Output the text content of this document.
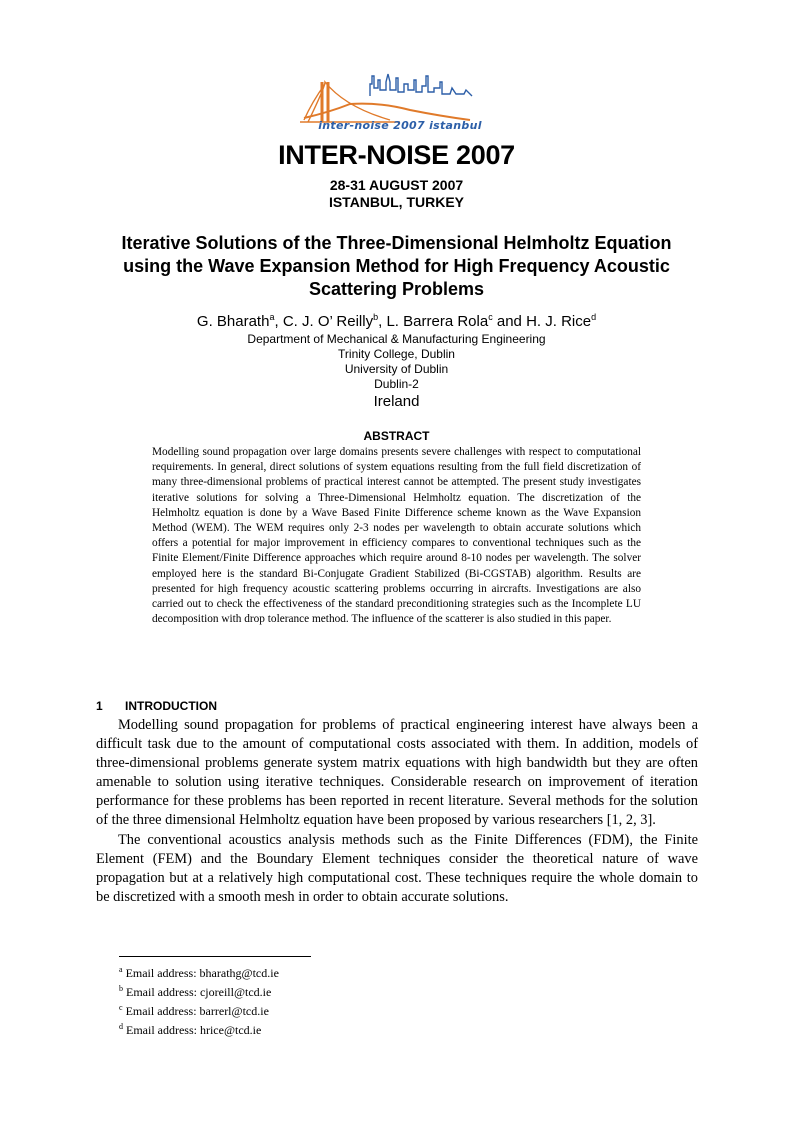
inter-noise 2007 istanbul
INTER-NOISE 2007
28-31 AUGUST 2007
ISTANBUL, TURKEY
Iterative Solutions of the Three-Dimensional Helmholtz Equation
using the Wave Expansion Method for High Frequency Acoustic
Scattering Problems
G. Bharath$^a$, C. J. O’ Reilly$^b$, L. Barrera Rola$^c$ and H. J. Rice$^d$
Department of Mechanical & Manufacturing Engineering
Trinity College, Dublin
University of Dublin
Dublin-2
Ireland
ABSTRACT
Modelling sound propagation over large domains presents severe challenges with respect to computational requirements. In general, direct solutions of system equations resulting from the full field discretization of many three-dimensional problems of practical interest cannot be attempted. The present study investigates iterative solutions for solving a Three-Dimensional Helmholtz equation. The discretization of the Helmholtz equation is done by a Wave Based Finite Difference scheme known as the Wave Expansion Method (WEM). The WEM requires only 2-3 nodes per wavelength to obtain accurate solutions which offers a potential for major improvement in efficiency compares to conventional techniques such as the Finite Element/Finite Difference approaches which require around 8-10 nodes per wavelength. The solver employed here is the standard Bi-Conjugate Gradient Stabilized (Bi-CGSTAB) algorithm. Results are presented for high frequency acoustic scattering problems occurring in aircrafts. Investigations are also carried out to check the effectiveness of the standard preconditioning strategies such as the Incomplete LU decomposition with drop tolerance method. The influence of the scatterer is also studied in this paper.
1 INTRODUCTION

Modelling sound propagation for problems of practical engineering interest have always been a difficult task due to the amount of computational costs associated with them. In addition, models of three-dimensional problems generate system matrix equations with high bandwidth but they are often amenable to solution using iterative techniques. Considerable research on improvement of iteration performance for these problems has been reported in recent literature. Several methods for the solution of the three dimensional Helmholtz equation have been proposed by various researchers [1, 2, 3].

The conventional acoustics analysis methods such as the Finite Differences (FDM), the Finite Element (FEM) and the Boundary Element techniques consider the theoretical nature of wave propagation but at a relatively high computational cost. These techniques require the whole domain to be discretized with a smooth mesh in order to obtain accurate solutions.

$^a$ Email address: bharathg@tcd.ie
$^b$ Email address: cjoreill@tcd.ie
$^c$ Email address: barrerl@tcd.ie
$^d$ Email address: hrice@tcd.ie
